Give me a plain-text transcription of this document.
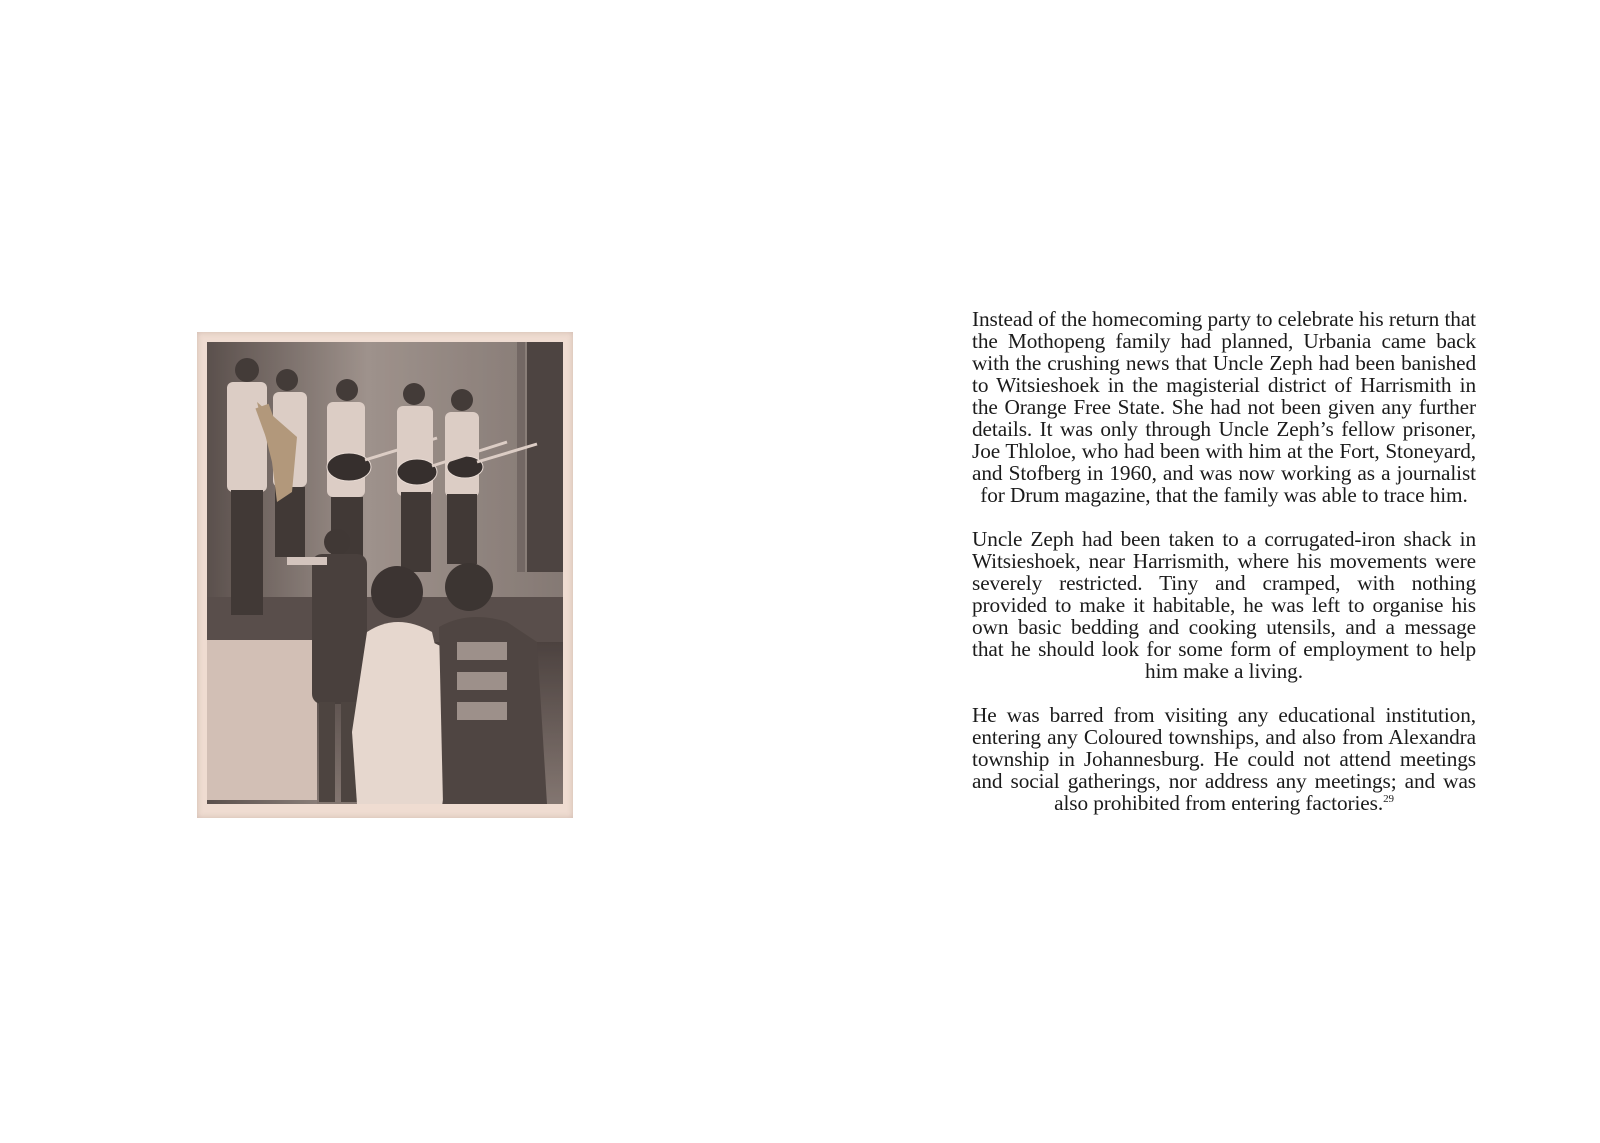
Instead of the homecoming party to celebrate his return that the Mothopeng family had planned, Urbania came back with the crushing news that Uncle Zeph had been banished to Witsieshoek in the magisterial district of Harrismith in the Orange Free State. She had not been given any further details. It was only through Uncle Zeph’s fellow prisoner, Joe Thloloe, who had been with him at the Fort, Stoneyard, and Stofberg in 1960, and was now working as a journalist for Drum magazine, that the family was able to trace him.

Uncle Zeph had been taken to a corrugated-iron shack in Witsieshoek, near Harrismith, where his movements were severely restricted. Tiny and cramped, with nothing provided to make it habitable, he was left to organise his own basic bedding and cooking utensils, and a message that he should look for some form of employment to help him make a living.

He was barred from visiting any educational institution, entering any Coloured townships, and also from Alexandra township in Johannesburg. He could not attend meetings and social gatherings, nor address any meetings; and was also prohibited from entering factories.$^{29}$
